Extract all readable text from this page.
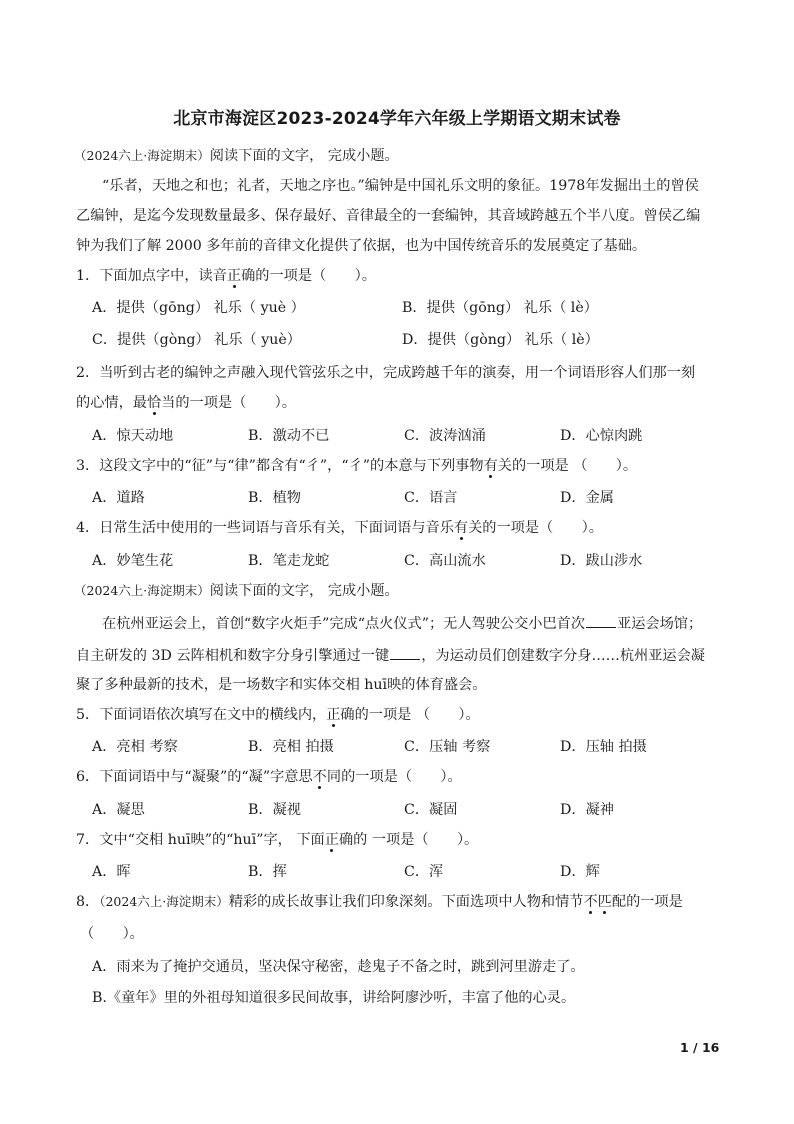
北京市海淀区2023-2024学年六年级上学期语文期末试卷
（2024六上·海淀期末）阅读下面的文字， 完成小题。
“乐者，天地之和也；礼者，天地之序也。”编钟是中国礼乐文明的象征。1978年发掘出土的曾侯
乙编钟，是迄今发现数量最多、保存最好、音律最全的一套编钟，其音域跨越五个半八度。曾侯乙编
钟为我们了解 2000 多年前的音律文化提供了依据，也为中国传统音乐的发展奠定了基础。
1．下面加点字中，读音正确的一项是（　　）。
A．提供（gōng） 礼乐（ yuè ）	B．提供（gōng） 礼乐（ lè）
C．提供（gòng） 礼乐（ yuè）	D．提供（gòng） 礼乐（ lè）
2．当听到古老的编钟之声融入现代管弦乐之中，完成跨越千年的演奏，用一个词语形容人们那一刻
的心情，最恰当的一项是（　　）。
A．惊天动地	B．激动不已	C．波涛汹涌	D．心惊肉跳
3．这段文字中的“征”与“律”都含有“彳”，“彳”的本意与下列事物有关的一项是 （　　）。
A．道路	B．植物	C．语言	D．金属
4．日常生活中使用的一些词语与音乐有关，下面词语与音乐有关的一项是（　　）。
A．妙笔生花	B．笔走龙蛇	C．高山流水	D．跋山涉水
（2024六上·海淀期末）阅读下面的文字， 完成小题。
在杭州亚运会上，首创“数字火炬手”完成“点火仪式”；无人驾驶公交小巴首次 亚运会场馆；
自主研发的 3D 云阵相机和数字分身引擎通过一键 ，为运动员们创建数字分身……杭州亚运会凝
聚了多种最新的技术，是一场数字和实体交相 huī映的体育盛会。
5．下面词语依次填写在文中的横线内，正确的一项是 （　　）。
A．亮相 考察	B．亮相 拍摄	C．压轴 考察	D．压轴 拍摄
6．下面词语中与“凝聚”的“凝”字意思不同的一项是（　　）。
A．凝思	B．凝视	C．凝固	D．凝神
7．文中“交相 huī映”的“huī”字， 下面正确的 一项是（　　）。
A．晖	B．挥	C．浑	D．辉
8．（2024六上·海淀期末）精彩的成长故事让我们印象深刻。下面选项中人物和情节不匹配的一项是
（　　）。
A．雨来为了掩护交通员，坚决保守秘密，趁鬼子不备之时，跳到河里游走了。
B.《童年》里的外祖母知道很多民间故事，讲给阿廖沙听，丰富了他的心灵。
1 / 16
